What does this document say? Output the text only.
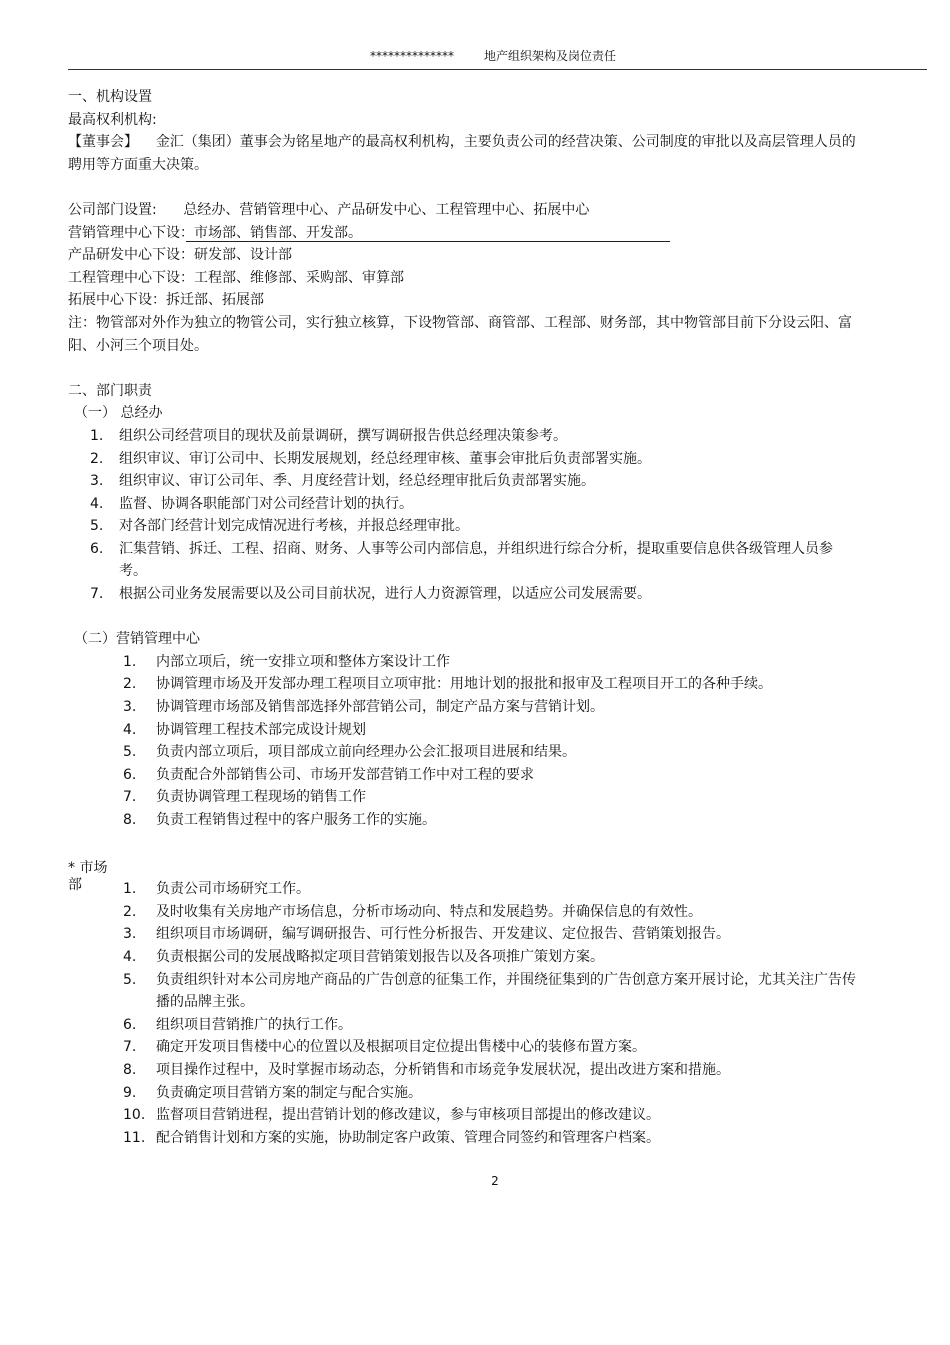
**************	地产组织架构及岗位责任

一、机构设置

最高权利机构:

【董事会】 金汇（集团）董事会为铭星地产的最高权利机构，主要负责公司的经营决策、公司制度的审批以及高层管理人员的聘用等方面重大决策。

公司部门设置: 总经办、营销管理中心、产品研发中心、工程管理中心、拓展中心

营销管理中心下设：市场部、销售部、开发部。

产品研发中心下设：研发部、设计部

工程管理中心下设：工程部、维修部、采购部、审算部

拓展中心下设：拆迁部、拓展部

注：物管部对外作为独立的物管公司，实行独立核算，下设物管部、商管部、工程部、财务部，其中物管部目前下分设云阳、富阳、小河三个项目处。

二、部门职责

（一） 总经办

1.	组织公司经营项目的现状及前景调研，撰写调研报告供总经理决策参考。
2.	组织审议、审订公司中、长期发展规划，经总经理审核、董事会审批后负责部署实施。
3.	组织审议、审订公司年、季、月度经营计划，经总经理审批后负责部署实施。
4.	监督、协调各职能部门对公司经营计划的执行。
5.	对各部门经营计划完成情况进行考核，并报总经理审批。
6.	汇集营销、拆迁、工程、招商、财务、人事等公司内部信息，并组织进行综合分析，提取重要信息供各级管理人员参考。
7.	根据公司业务发展需要以及公司目前状况，进行人力资源管理，以适应公司发展需要。

（二）营销管理中心

1.	内部立项后，统一安排立项和整体方案设计工作
2.	协调管理市场及开发部办理工程项目立项审批：用地计划的报批和报审及工程项目开工的各种手续。
3.	协调管理市场部及销售部选择外部营销公司，制定产品方案与营销计划。
4.	协调管理工程技术部完成设计规划
5.	负责内部立项后，项目部成立前向经理办公会汇报项目进展和结果。
6.	负责配合外部销售公司、市场开发部营销工作中对工程的要求
7.	负责协调管理工程现场的销售工作
8.	负责工程销售过程中的客户服务工作的实施。
* 市场部	1.	负责公司市场研究工作。
2.	及时收集有关房地产市场信息，分析市场动向、特点和发展趋势。并确保信息的有效性。
3.	组织项目市场调研，编写调研报告、可行性分析报告、开发建议、定位报告、营销策划报告。
4.	负责根据公司的发展战略拟定项目营销策划报告以及各项推广策划方案。
5.	负责组织针对本公司房地产商品的广告创意的征集工作，并围绕征集到的广告创意方案开展讨论，尤其关注广告传播的品牌主张。
6.	组织项目营销推广的执行工作。
7.	确定开发项目售楼中心的位置以及根据项目定位提出售楼中心的装修布置方案。
8.	项目操作过程中，及时掌握市场动态，分析销售和市场竞争发展状况，提出改进方案和措施。
9.	负责确定项目营销方案的制定与配合实施。
10. 监督项目营销进程，提出营销计划的修改建议，参与审核项目部提出的修改建议。
11. 配合销售计划和方案的实施，协助制定客户政策、管理合同签约和管理客户档案。
2
